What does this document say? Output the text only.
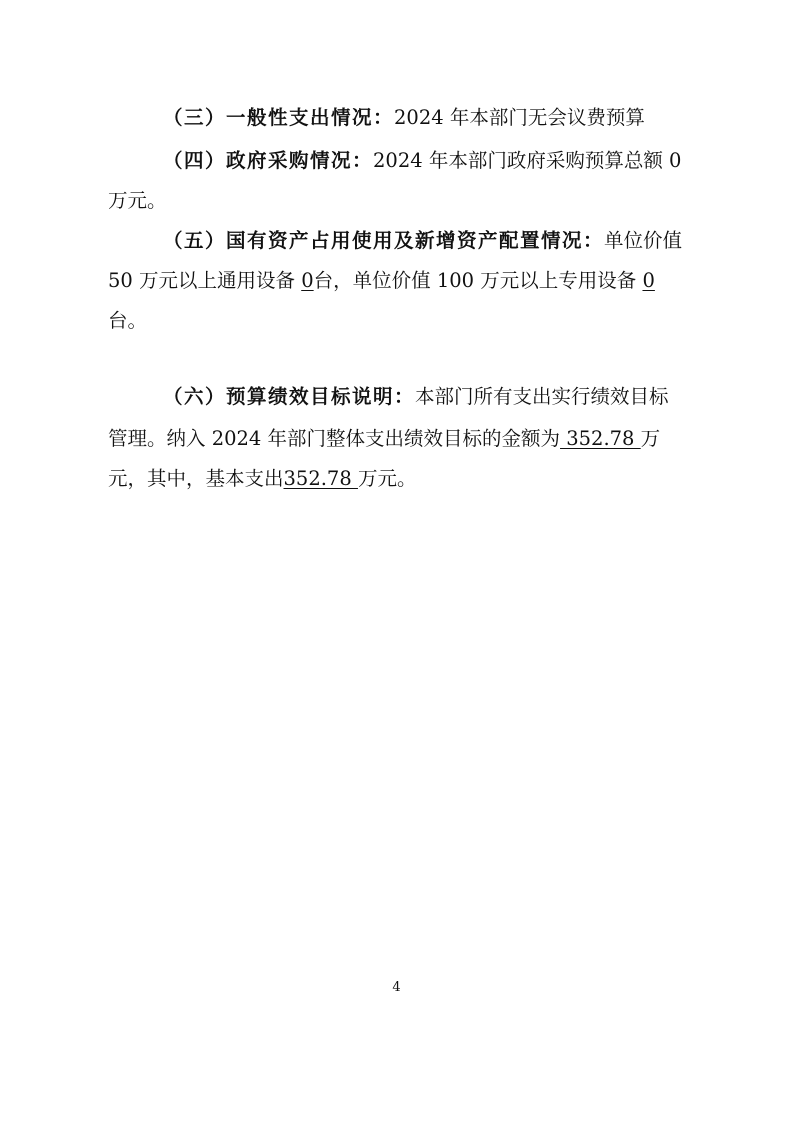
（三）一般性支出情况：2024 年本部门无会议费预算
（四）政府采购情况：2024 年本部门政府采购预算总额 0
万元。
（五）国有资产占用使用及新增资产配置情况：单位价值
50 万元以上通用设备 0台，单位价值 100 万元以上专用设备 0
台。
（六）预算绩效目标说明：本部门所有支出实行绩效目标
管理。纳入 2024 年部门整体支出绩效目标的金额为 352.78 万
元，其中，基本支出352.78 万元。
4
